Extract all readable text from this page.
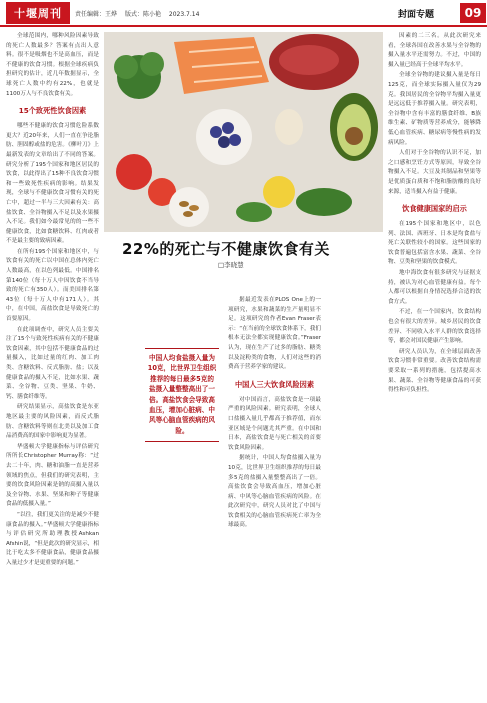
十堰周刊	责任编辑：王烨 版式：陈小艳 2023.7.14	封面专题	09

全球范围内，哪种风险因素导致的死亡人数最多？答案有点出人意料。很不是吸烟也不是高血压，而是不健康的饮食习惯。根据全球疾病负担研究的估计，近几年数据显示，全球死亡人数中约有22%，也就是1100万人与不良饮食有关。

15个致死性饮食因素

哪些不健康的饮食习惯危险系数更大？近20年来，人们一直在争论脂肪、胆固醇或盐的危害。《柳叶刀》上最新发表的文章给出了不同的答案。研究分析了195个国家和地区居民的饮食，以此得出了15种不良饮食习惯和一些致死性疾病的影响。结果发现，全球与不健康饮食习惯有关的死亡中，超过一半与三大因素有关：高盐饮食、全谷物摄入不足以及水果摄入不足。我们如今最常见的的一些不健康饮食，比如食糖饮料、红肉或者不是最主要的致病因素。

在所有195个国家和地区中，与饮食有关的死亡以中国在总体内死亡人数最高，在以色列最低。中国排名第140位（每十万人中因饮食不当导致的死亡有350人）。而美国排名第43位（每十万人中有171人）。其中，在中国，高盐饮食是导致死亡的首要原因。

在此项调查中，研究人员主要关注了15个与致死性疾病有关的不健康饮食因素，其中包括不健康食品的过量摄入，比如过量的红肉、加工肉类、含糖饮料、反式脂肪、盐；以及健康食品的摄入不足，比如水果、蔬菜、全谷物、豆类、坚果、牛奶、钙、膳食纤维等。

研究结果显示，高盐饮食是东亚地区最主要的风险因素，而反式脂肪、含糖饮料等则在北美以及加工食品消费高的国家中影响更为显著。

华盛顿大学健康指标与评估研究所所长Christopher Murray称：“过去二十年，肉、糖和油脂一直是营养领域的焦点，但我们的研究表明，主要的饮食风险因素是钠的高摄入量以及全谷物、水果、坚果和种子等健康食品的低摄入量。”

“以往，我们更关注的是减少不健康食品的摄入。”华盛顿大学健康指标与评估研究所助理教授Ashkan Afshin说，“但是此次的研究显示，相比于吃太多不健康食品，健康食品摄入量过少才是更重要的问题。”

22%的死亡与不健康饮食有关
□李晓慧

据最近发表在PLOS One上的一项研究，水果和蔬菜的生产量明显不足。这项研究的作者Evan Fraser表示：“在当前的全球饮食体系下，我们根本无法全都实现健康饮食。”Fraser认为，现在生产了过多的脂肪、糖类以及淀粉类的食物，人们对这些的消费高于营养学家的建议。

中国人三大饮食风险因素

对中国而言，高盐饮食是一项最严重的风险因素。研究表明，全球人口盐摄入量几乎都高于推荐值，而东亚区域是个问题尤其严重。在中国和日本，高盐饮食是与死亡相关的首要饮食风险因素。

据统计，中国人均食盐摄入量为10克，比世界卫生组织推荐的每日最多5克的盐摄入量整整高出了一倍。高盐饮食会导致高血压，增加心脏病、中风等心脑血管疾病的风险。在此次研究中，研究人员对比了中国与饮食相关的心脑血管疾病死亡率为全球最高。

中国人均食盐摄入量为10克，比世界卫生组织推荐的每日最多5克的盐摄入量整整高出了一倍。高盐饮食会导致高血压，增加心脏病、中风等心脑血管疾病的风险。

因素的二三名。从此次研究来看，全球各国在改善水果与全谷物的摄入量水平还需努力。不过，中国的摄入量已经高于全球平均水平。

全球全谷物的建议摄入量是每日125克，而全球实际摄入量仅为29克。我国居民的全谷物平均摄入量更是远远低于推荐摄入量。研究表明，全谷物中含有丰富的膳食纤维、B族维生素、矿物质等营养成分，能够降低心血管疾病、糖尿病等慢性病的发病风险。

人们对于全谷物的认识不足，加之口感和烹饪方式等原因，导致全谷物摄入不足。大豆及其制品和坚果等是优质蛋白质和不饱和脂肪酸的良好来源，适当摄入有益于健康。

饮食健康国家的启示

在195个国家和地区中，以色列、法国、西班牙、日本是均食盐与死亡关联性较小的国家。这些国家的饮食普遍包括富含水果、蔬菜、全谷物、豆类和坚果的饮食模式。

地中海饮食有很多研究与证据支持，被认为对心血管健康有益。每个人都可以根据自身情况选择合适的饮食方式。

不过，在一个国家内，饮食结构也会有很大的差异。城乡居民的饮食差异、不同收入水平人群的饮食选择等，都会对国民健康产生影响。

研究人员认为，在全球层面改善饮食习惯非常重要。改善饮食结构需要采取一系列的措施，包括提高水果、蔬菜、全谷物等健康食品的可获得性和可负担性。
